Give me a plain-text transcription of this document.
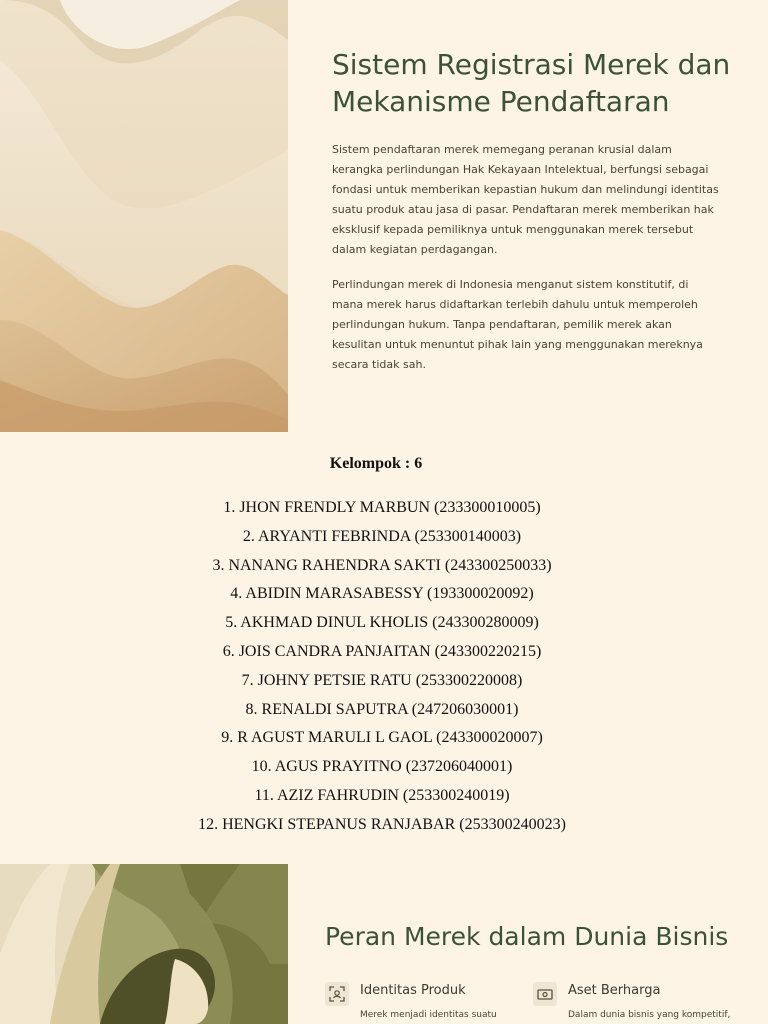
Sistem Registrasi Merek dan Mekanisme Pendaftaran

Sistem pendaftaran merek memegang peranan krusial dalam kerangka perlindungan Hak Kekayaan Intelektual, berfungsi sebagai fondasi untuk memberikan kepastian hukum dan melindungi identitas suatu produk atau jasa di pasar. Pendaftaran merek memberikan hak eksklusif kepada pemiliknya untuk menggunakan merek tersebut dalam kegiatan perdagangan.

Perlindungan merek di Indonesia menganut sistem konstitutif, di mana merek harus didaftarkan terlebih dahulu untuk memperoleh perlindungan hukum. Tanpa pendaftaran, pemilik merek akan kesulitan untuk menuntut pihak lain yang menggunakan mereknya secara tidak sah.

Kelompok : 6

1. JHON FRENDLY MARBUN (233300010005)
2. ARYANTI FEBRINDA (253300140003)
3. NANANG RAHENDRA SAKTI (243300250033)
4. ABIDIN MARASABESSY (193300020092)
5. AKHMAD DINUL KHOLIS (243300280009)
6. JOIS CANDRA PANJAITAN (243300220215)
7. JOHNY PETSIE RATU (253300220008)
8. RENALDI SAPUTRA (247206030001)
9. R AGUST MARULI L GAOL (243300020007)
10. AGUS PRAYITNO (237206040001)
11. AZIZ FAHRUDIN (253300240019)
12. HENGKI STEPANUS RANJABAR (253300240023)
Peran Merek dalam Dunia Bisnis
Identitas Produk
Merek menjadi identitas suatu
Aset Berharga
Dalam dunia bisnis yang kompetitif,
